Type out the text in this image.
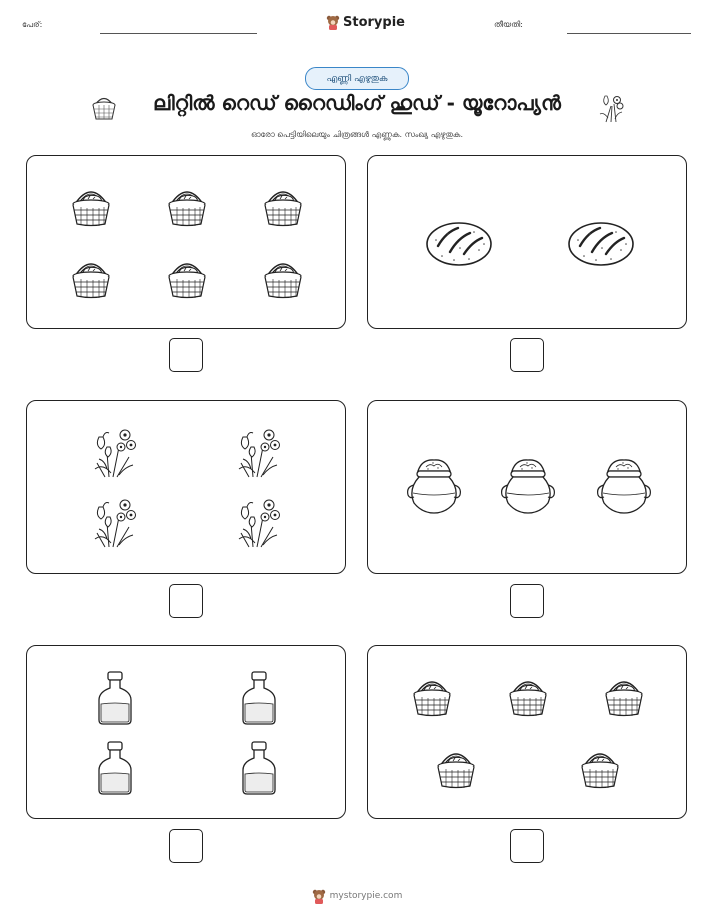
പേര്:	Storypie	തീയതി:
എണ്ണി എഴുതുക
ലിറ്റിൽ റെഡ് റൈഡിംഗ് ഹുഡ് - യൂറോപ്യൻ
ഓരോ പെട്ടിയിലെയും ചിത്രങ്ങൾ എണ്ണുക. സംഖ്യ എഴുതുക.
mystorypie.com
